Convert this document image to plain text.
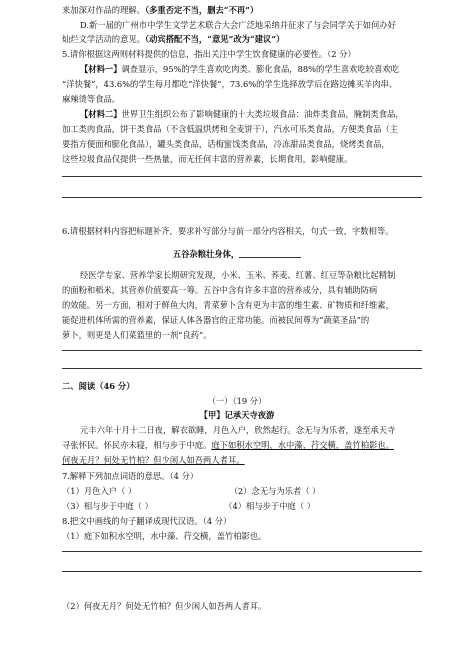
来加深对作品的理解。（多重否定不当，删去“不再”）
D.新一届的广州市中学生文学艺术联合大会广泛地采纳并征求了与会同学关于如何办好
灿烂文学活动的意见。（动宾搭配不当，“意见”改为“建议”）
5.请你根据这两则材料提供的信息，指出关注中学生饮食健康的必要性。（2 分）
【材料一】调查显示，95%的学生喜欢吃肉类、膨化食品，88%的学生喜欢吃较喜欢吃
“洋快餐”，43.6%的学生每月都吃“洋快餐”，73.6%的学生选择放学后在路边摊买羊肉串、
麻辣烫等食品。
【材料二】世界卫生组织公布了影响健康的十大类垃圾食品：油炸类食品，腌制类食品，
加工类肉食品，饼干类食品（不含低温烘烤和全麦饼干），汽水可乐类食品，方便类食品（主
要指方便面和膨化食品），罐头类食品，话梅蜜饯类食品，冷冻甜品类食品，烧烤类食品，
这些垃圾食品仅提供一些热量，而无任何丰富的营养素，长期食用，影响健康。
6.请根据材料内容把标题补齐，要求补写部分与前一部分内容相关，句式一致，字数相等。
五谷杂粮壮身体，
经医学专家、营养学家长期研究发现，小米、玉米、荞麦、红薯、红豆等杂粮比起精制
的面粉和稻米，其营养价值要高一筹。五谷中含有许多丰富的营养成分，具有辅助防病
的效能。另一方面，相对于鲜鱼大肉，青菜萝卜含有更为丰富的维生素、矿物质和纤维素，
能促进机体所需的营养素，保证人体各器官的正常功能。而被民间尊为“蔬菜圣品”的
萝卜，则更是人们菜篮里的一剂“良药”。
二、阅读（46 分）
（一）（19 分）
【甲】记承天寺夜游
元丰六年十月十二日夜，解衣欲睡，月色入户，欣然起行。念无与为乐者，遂至承天寺
寻张怀民。怀民亦未寝，相与步于中庭。庭下如积水空明，水中藻、荇交横，盖竹柏影也。
何夜无月？何处无竹柏？但少闲人如吾两人者耳。
7.解释下列加点词语的意思。（4 分）
（1）月色入户（ ）	（2）念无与为乐者（ ）
（3）相与步于中庭（ ）	（4）相与步于中庭（ ）
8.把文中画线的句子翻译成现代汉语。（4 分）
（1）庭下如积水空明，水中藻、荇交横，盖竹柏影也。
（2）何夜无月？何处无竹柏？但少闲人如吾两人者耳。
